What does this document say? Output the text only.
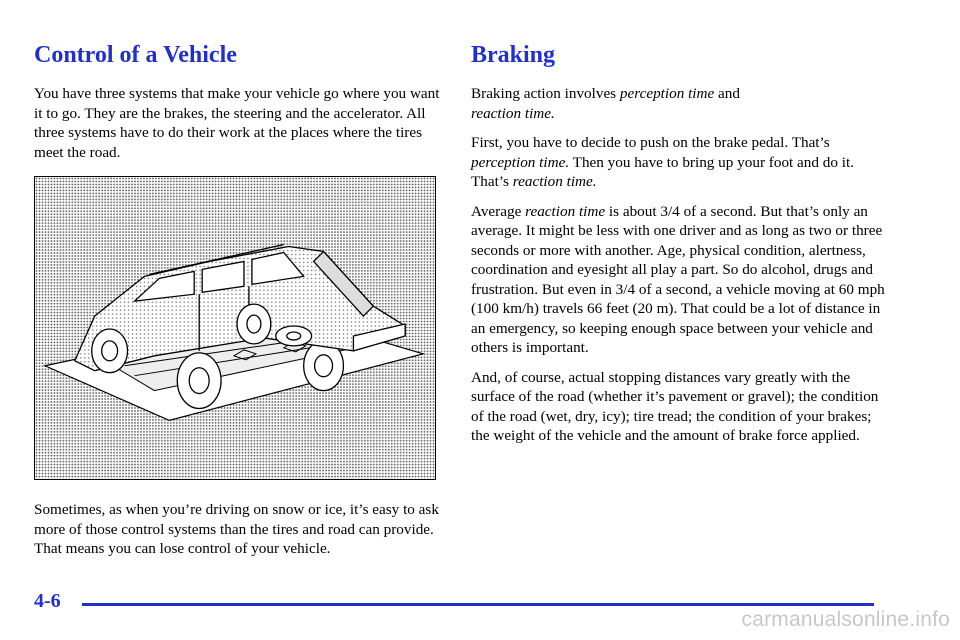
Control of a Vehicle

You have three systems that make your vehicle go where you want it to go. They are the brakes, the steering and the accelerator. All three systems have to do their work at the places where the tires meet the road.

Sometimes, as when you’re driving on snow or ice, it’s easy to ask more of those control systems than the tires and road can provide. That means you can lose control of your vehicle.

Braking

Braking action involves perception time and
reaction time.

First, you have to decide to push on the brake pedal. That’s perception time. Then you have to bring up your foot and do it. That’s reaction time.

Average reaction time is about 3/4 of a second. But that’s only an average. It might be less with one driver and as long as two or three seconds or more with another. Age, physical condition, alertness, coordination and eyesight all play a part. So do alcohol, drugs and frustration. But even in 3/4 of a second, a vehicle moving at 60 mph (100 km/h) travels 66 feet (20 m). That could be a lot of distance in an emergency, so keeping enough space between your vehicle and others is important.

And, of course, actual stopping distances vary greatly with the surface of the road (whether it’s pavement or gravel); the condition of the road (wet, dry, icy); tire tread; the condition of your brakes; the weight of the vehicle and the amount of brake force applied.

4-6
carmanualsonline.info
